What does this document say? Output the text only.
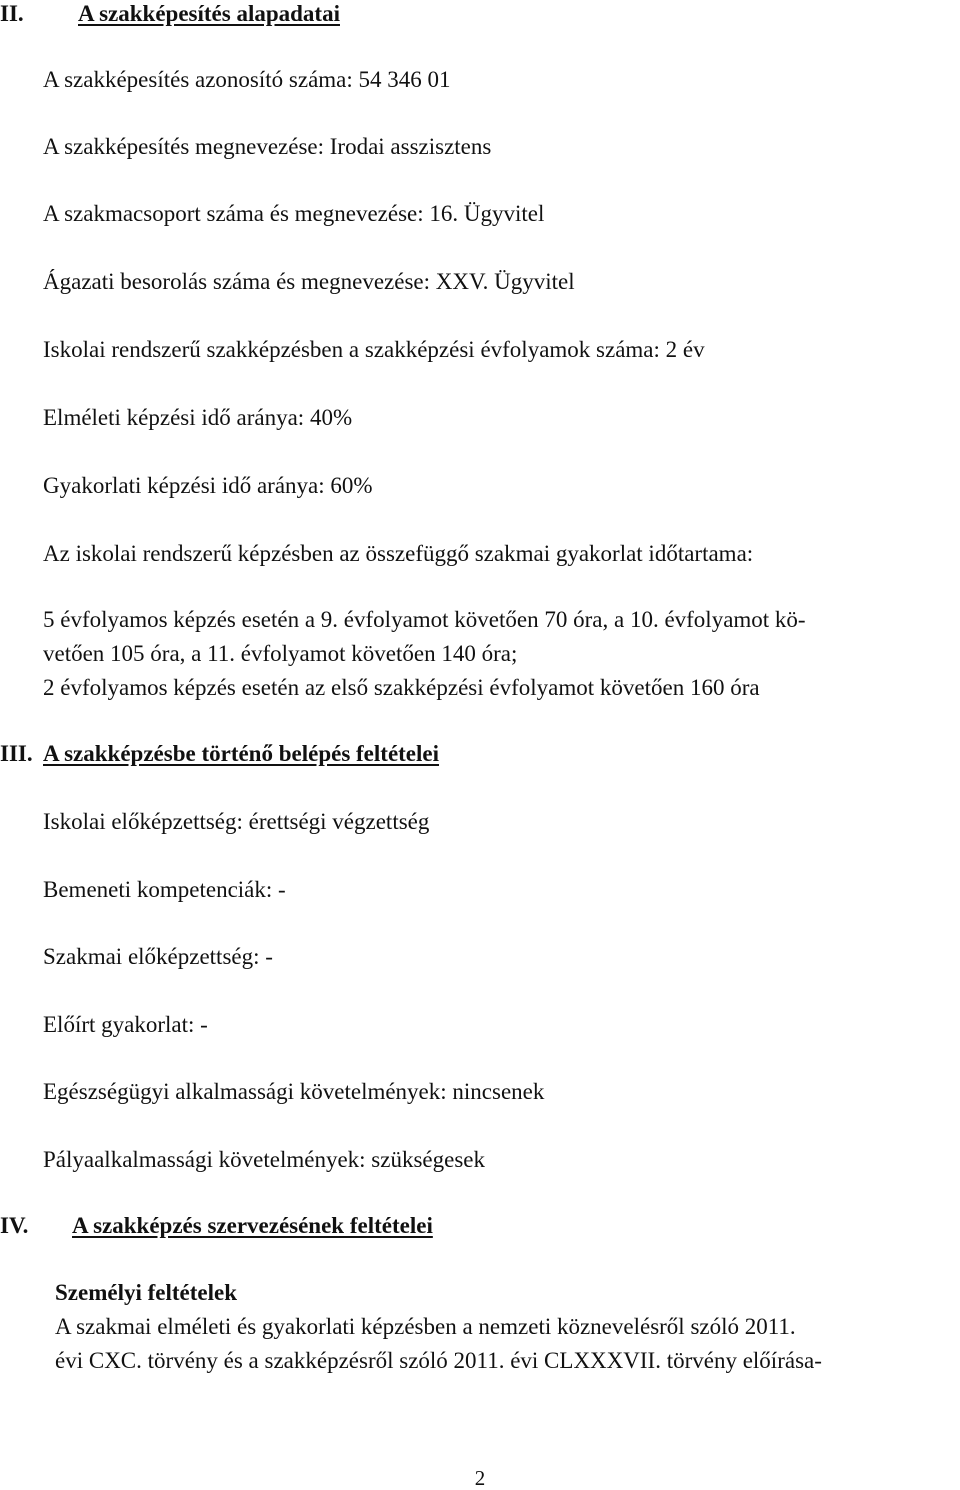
II. A szakképesítés alapadatai
A szakképesítés azonosító száma: 54 346 01
A szakképesítés megnevezése: Irodai asszisztens
A szakmacsoport száma és megnevezése: 16. Ügyvitel
Ágazati besorolás száma és megnevezése: XXV. Ügyvitel
Iskolai rendszerű szakképzésben a szakképzési évfolyamok száma: 2 év
Elméleti képzési idő aránya: 40%
Gyakorlati képzési idő aránya: 60%
Az iskolai rendszerű képzésben az összefüggő szakmai gyakorlat időtartama:
5 évfolyamos képzés esetén a 9. évfolyamot követően 70 óra, a 10. évfolyamot kö-
vetően 105 óra, a 11. évfolyamot követően 140 óra;
2 évfolyamos képzés esetén az első szakképzési évfolyamot követően 160 óra
III. A szakképzésbe történő belépés feltételei
Iskolai előképzettség: érettségi végzettség
Bemeneti kompetenciák: -
Szakmai előképzettség: -
Előírt gyakorlat: -
Egészségügyi alkalmassági követelmények: nincsenek
Pályaalkalmassági követelmények: szükségesek
IV. A szakképzés szervezésének feltételei
Személyi feltételek
A szakmai elméleti és gyakorlati képzésben a nemzeti köznevelésről szóló 2011.
évi CXC. törvény és a szakképzésről szóló 2011. évi CLXXXVII. törvény előírása-
2
